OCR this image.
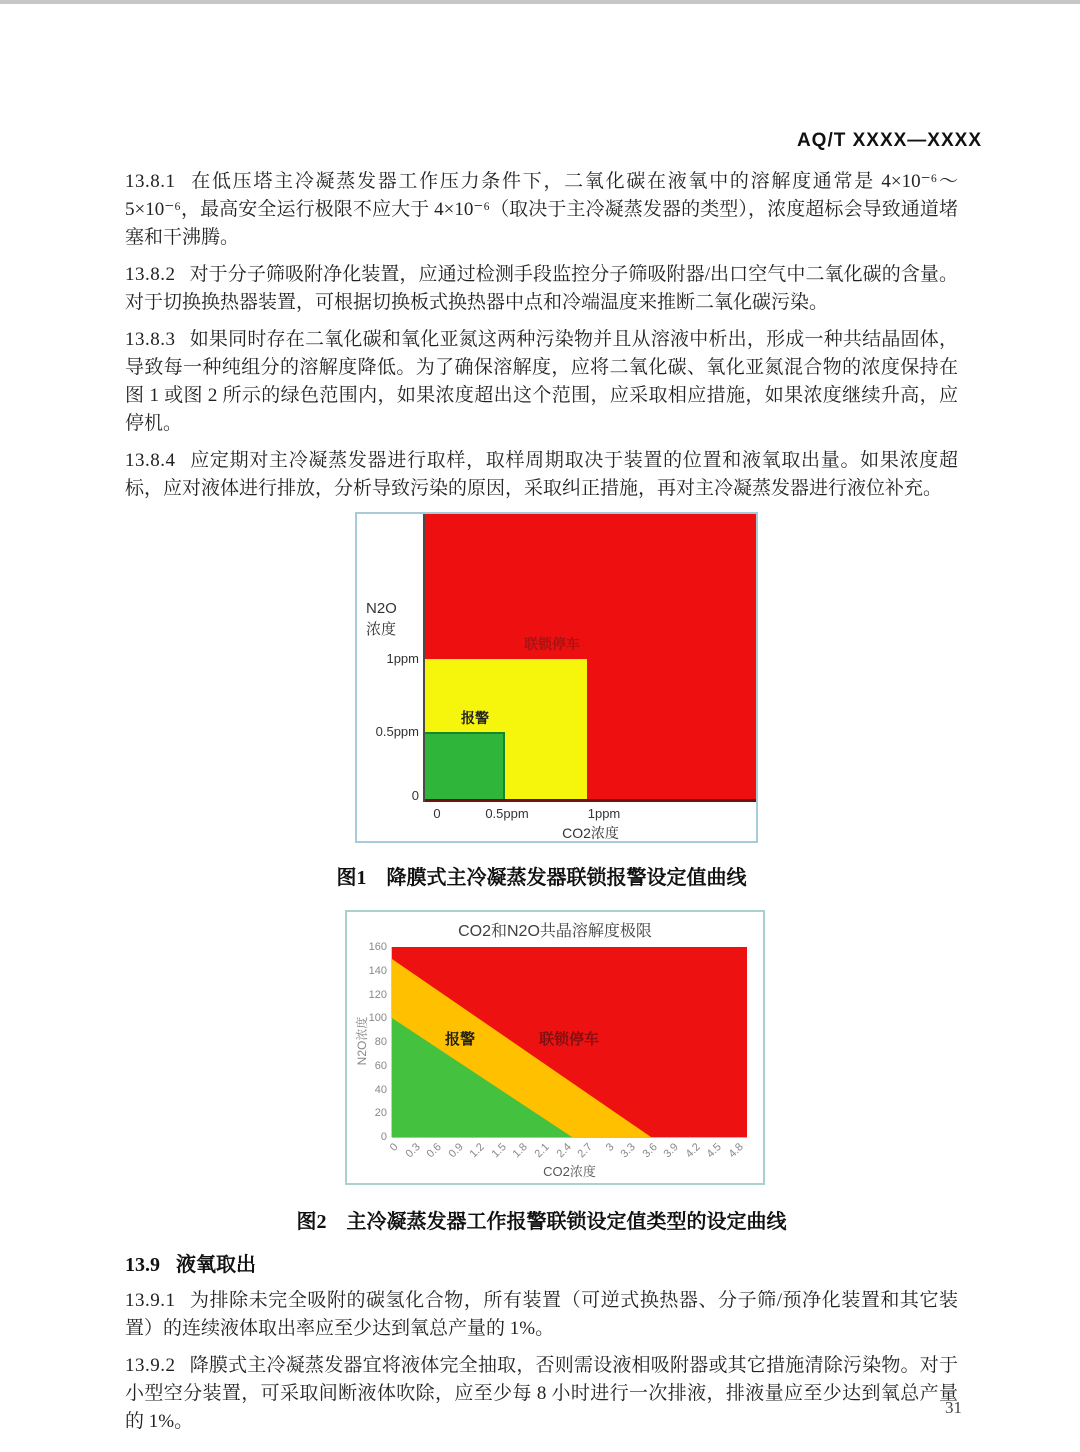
AQ/T XXXX—XXXX

13.8.1 在低压塔主冷凝蒸发器工作压力条件下，二氧化碳在液氧中的溶解度通常是 4×10⁻⁶～5×10⁻⁶，最高安全运行极限不应大于 4×10⁻⁶（取决于主冷凝蒸发器的类型），浓度超标会导致通道堵塞和干沸腾。

13.8.2 对于分子筛吸附净化装置，应通过检测手段监控分子筛吸附器/出口空气中二氧化碳的含量。对于切换换热器装置，可根据切换板式换热器中点和冷端温度来推断二氧化碳污染。

13.8.3 如果同时存在二氧化碳和氧化亚氮这两种污染物并且从溶液中析出，形成一种共结晶固体，导致每一种纯组分的溶解度降低。为了确保溶解度，应将二氧化碳、氧化亚氮混合物的浓度保持在图 1 或图 2 所示的绿色范围内，如果浓度超出这个范围，应采取相应措施，如果浓度继续升高，应停机。

13.8.4 应定期对主冷凝蒸发器进行取样，取样周期取决于装置的位置和液氧取出量。如果浓度超标，应对液体进行排放，分析导致污染的原因，采取纠正措施，再对主冷凝蒸发器进行液位补充。

N2O
浓度
联锁停车
报警
1ppm
0.5ppm
0
0	0.5ppm	1ppm
CO2浓度
图1　降膜式主冷凝蒸发器联锁报警设定值曲线
CO2和N2O共晶溶解度极限
报警	联锁停车
160
140
120
100
80
60
40
20
0
0 0.3 0.6 0.9 1.2 1.5 1.8 2.1 2.4 2.7 3 3.3 3.6 3.9 4.2 4.5 4.8
N2O浓度
CO2浓度
图2　主冷凝蒸发器工作报警联锁设定值类型的设定曲线
13.9 液氧取出

13.9.1 为排除未完全吸附的碳氢化合物，所有装置（可逆式换热器、分子筛/预净化装置和其它装置）的连续液体取出率应至少达到氧总产量的 1%。

13.9.2 降膜式主冷凝蒸发器宜将液体完全抽取，否则需设液相吸附器或其它措施清除污染物。对于小型空分装置，可采取间断液体吹除，应至少每 8 小时进行一次排液，排液量应至少达到氧总产量的 1%。

31
